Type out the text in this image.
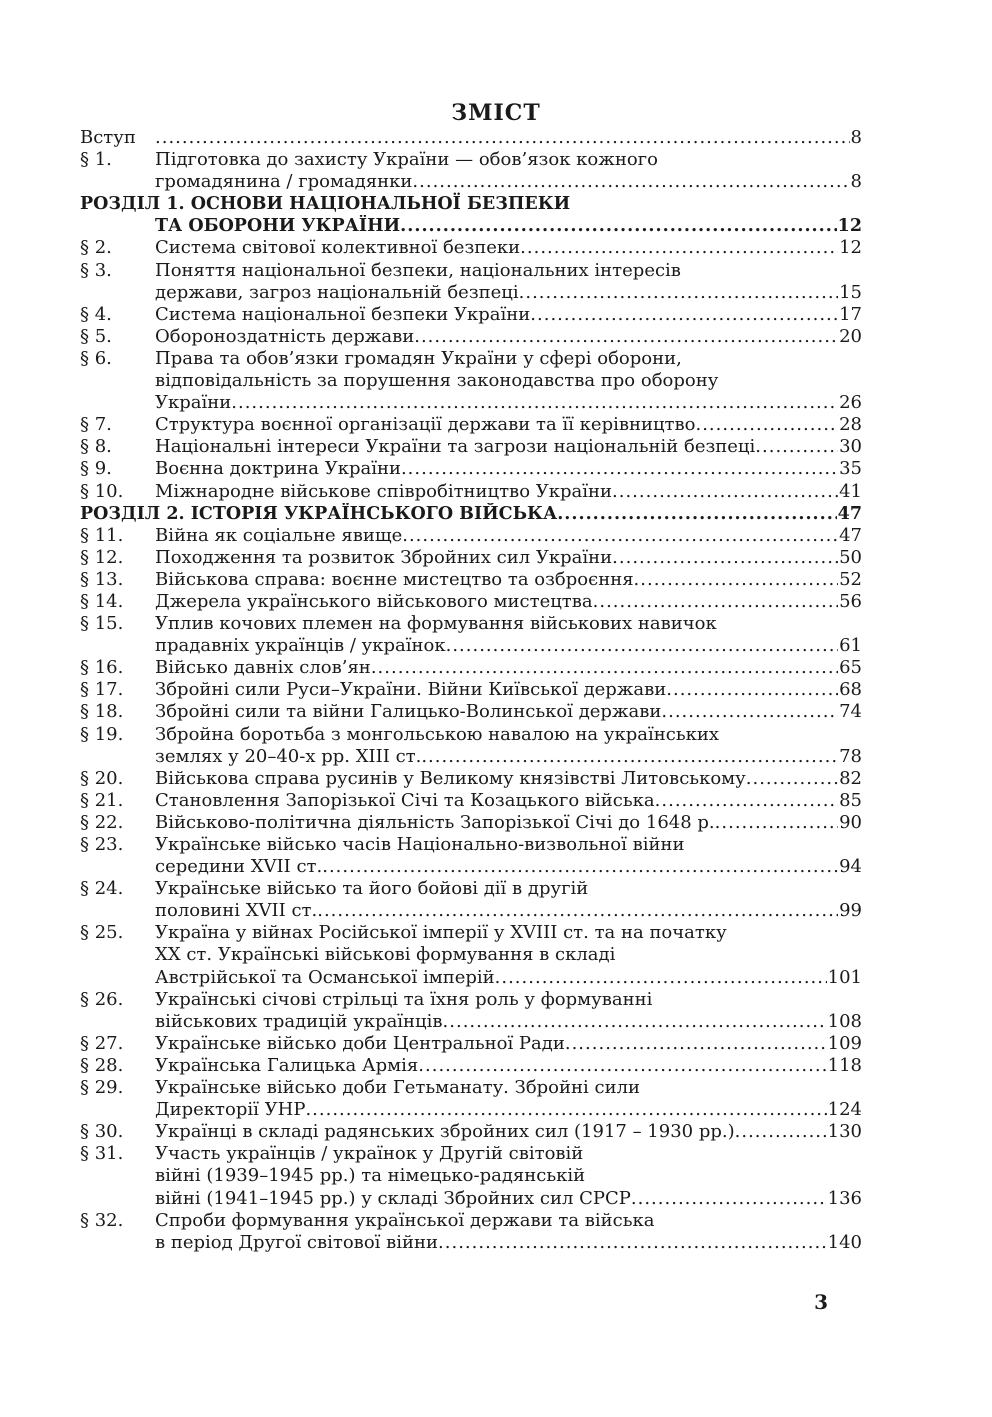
ЗМІСТ
Вступ .....	8
§ 1.	Підготовка до захисту України — обов’язок кожного
громадянина / громадянки .....	8
РОЗДІЛ 1. ОСНОВИ НАЦІОНАЛЬНОЇ БЕЗПЕКИ
ТА ОБОРОНИ УКРАЇНИ .....	12
§ 2.	Система світової колективної безпеки .....	12
§ 3.	Поняття національної безпеки, національних інтересів
держави, загроз національній безпеці .....	15
§ 4.	Система національної безпеки України .....	17
§ 5.	Обороноздатність держави .....	20
§ 6.	Права та обов’язки громадян України у сфері оборони,
відповідальність за порушення законодавства про оборону
України .....	26
§ 7.	Структура воєнної організації держави та її керівництво .....	28
§ 8.	Національні інтереси України та загрози національній безпеці .....	30
§ 9.	Воєнна доктрина України .....	35
§ 10.	Міжнародне військове співробітництво України .....	41
РОЗДІЛ 2. ІСТОРІЯ УКРАЇНСЬКОГО ВІЙСЬКА .....	47
§ 11.	Війна як соціальне явище .....	47
§ 12.	Походження та розвиток Збройних сил України .....	50
§ 13.	Військова справа: воєнне мистецтво та озброєння .....	52
§ 14.	Джерела українського військового мистецтва .....	56
§ 15.	Уплив кочових племен на формування військових навичок
прадавніх українців / українок .....	61
§ 16.	Військо давніх слов’ян .....	65
§ 17.	Збройні сили Руси–України. Війни Київської держави .....	68
§ 18.	Збройні сили та війни Галицько-Волинської держави .....	74
§ 19.	Збройна боротьба з монгольською навалою на українських
землях у 20–40-х рр. XIII ст. .....	78
§ 20.	Військова справа русинів у Великому князівстві Литовському .....	82
§ 21.	Становлення Запорізької Січі та Козацького війська .....	85
§ 22.	Військово-політична діяльність Запорізької Січі до 1648 р. .....	90
§ 23.	Українське військо часів Національно-визвольної війни
середини XVII ст. .....	94
§ 24.	Українське військо та його бойові дії в другій
половині XVII ст. .....	99
§ 25.	Україна у війнах Російської імперії у XVIII ст. та на початку
XX ст. Українські військові формування в складі
Австрійської та Османської імперій .....	101
§ 26.	Українські січові стрільці та їхня роль у формуванні
військових традицій українців .....	108
§ 27.	Українське військо доби Центральної Ради .....	109
§ 28.	Українська Галицька Армія .....	118
§ 29.	Українське військо доби Гетьманату. Збройні сили
Директорії УНР .....	124
§ 30.	Українці в складі радянських збройних сил (1917 – 1930 рр.) .....	130
§ 31.	Участь українців / українок у Другій світовій
війні (1939–1945 рр.) та німецько-радянській
війні (1941–1945 рр.) у складі Збройних сил СРСР .....	136
§ 32.	Спроби формування української держави та війська
в період Другої світової війни .....	140
3
